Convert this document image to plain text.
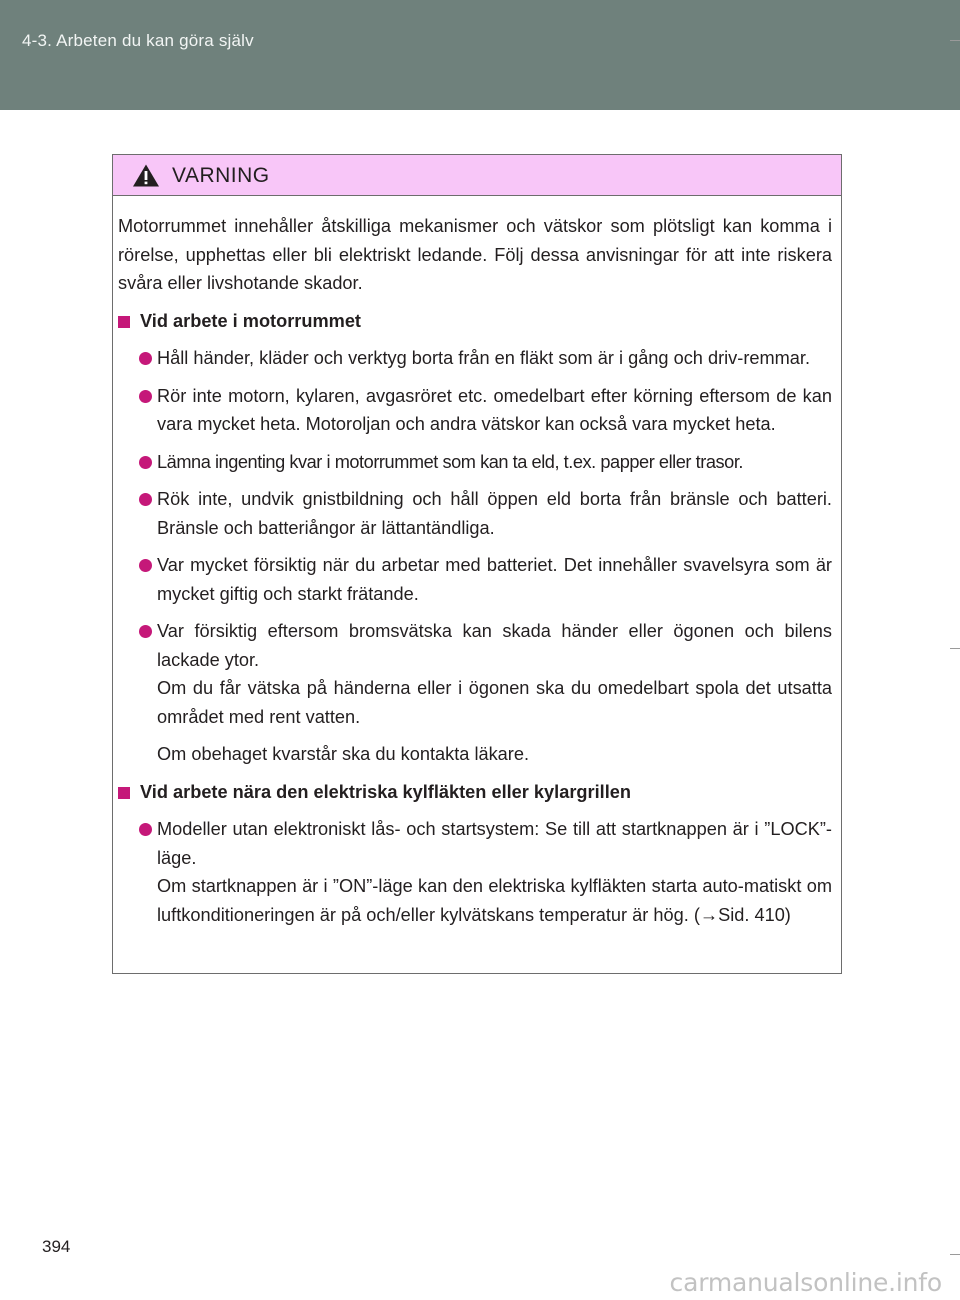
4-3. Arbeten du kan göra själv
VARNING

Motorrummet innehåller åtskilliga mekanismer och vätskor som plötsligt kan komma i rörelse, upphettas eller bli elektriskt ledande. Följ dessa anvisningar för att inte riskera svåra eller livshotande skador.

Vid arbete i motorrummet
Håll händer, kläder och verktyg borta från en fläkt som är i gång och driv-remmar.
Rör inte motorn, kylaren, avgasröret etc. omedelbart efter körning eftersom de kan vara mycket heta. Motoroljan och andra vätskor kan också vara mycket heta.
Lämna ingenting kvar i motorrummet som kan ta eld, t.ex. papper eller trasor.
Rök inte, undvik gnistbildning och håll öppen eld borta från bränsle och batteri. Bränsle och batteriångor är lättantändliga.
Var mycket försiktig när du arbetar med batteriet. Det innehåller svavelsyra som är mycket giftig och starkt frätande.
Var försiktig eftersom bromsvätska kan skada händer eller ögonen och bilens lackade ytor.
Om du får vätska på händerna eller i ögonen ska du omedelbart spola det utsatta området med rent vatten.
Om obehaget kvarstår ska du kontakta läkare.
Vid arbete nära den elektriska kylfläkten eller kylargrillen
Modeller utan elektroniskt lås- och startsystem: Se till att startknappen är i ”LOCK”-läge.
Om startknappen är i ”ON”-läge kan den elektriska kylfläkten starta auto-matiskt om luftkonditioneringen är på och/eller kylvätskans temperatur är hög. (→Sid. 410)
394
carmanualsonline.info
